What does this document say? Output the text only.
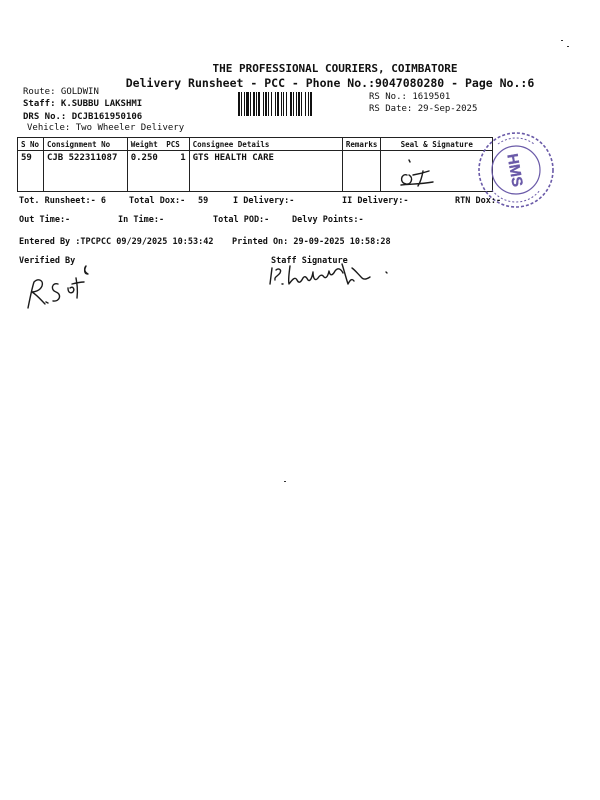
THE PROFESSIONAL COURIERS, COIMBATORE
Delivery Runsheet - PCC - Phone No.:9047080280 - Page No.:6
Route: GOLDWIN
Staff: K.SUBBU LAKSHMI
DRS No.: DCJB161950106
Vehicle: Two Wheeler Delivery
RS No.: 1619501
RS Date: 29-Sep-2025
S No	Consignment No	Weight	PCS	Consignee Details	Remarks	Seal & Signature
59	CJB 522311087	0.250	1	GTS HEALTH CARE			HMS
Tot. Runsheet:- 6	Total Dox:- 59	I Delivery:-	II Delivery:-	RTN Dox:-
Out Time:-	In Time:-	Total POD:-	Delvy Points:-
Entered By :TPCPCC 09/29/2025 10:53:42 Printed On: 29-09-2025 10:58:28
Verified By	Staff Signature
